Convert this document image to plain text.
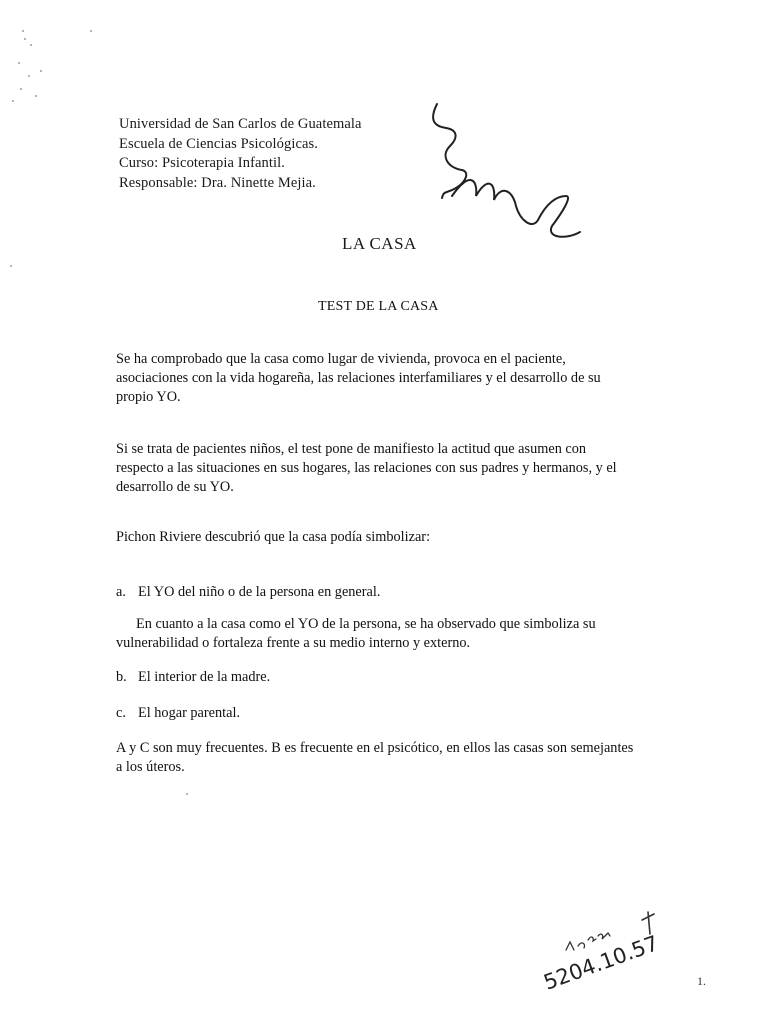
Universidad de San Carlos de Guatemala
Escuela de Ciencias Psicológicas.
Curso: Psicoterapia Infantil.
Responsable: Dra. Ninette Mejia.
LA CASA
TEST DE LA CASA
Se ha comprobado que la casa como lugar de vivienda, provoca en el paciente, asociaciones con la vida hogareña, las relaciones interfamiliares y el desarrollo de su propio YO.
Si se trata de pacientes niños, el test pone de manifiesto la actitud que asumen con respecto a las situaciones en sus hogares, las relaciones con sus padres y hermanos, y el desarrollo de su YO.
Pichon Riviere descubrió que la casa podía simbolizar:
a. El YO del niño o de la persona en general.
En cuanto a la casa como el YO de la persona, se ha observado que simboliza su vulnerabilidad o fortaleza frente a su medio interno y externo.
b. El interior de la madre.
c. El hogar parental.
A y C son muy frecuentes. B es frecuente en el psicótico, en ellos las casas son semejantes a los úteros.
5204.10.57	1.
